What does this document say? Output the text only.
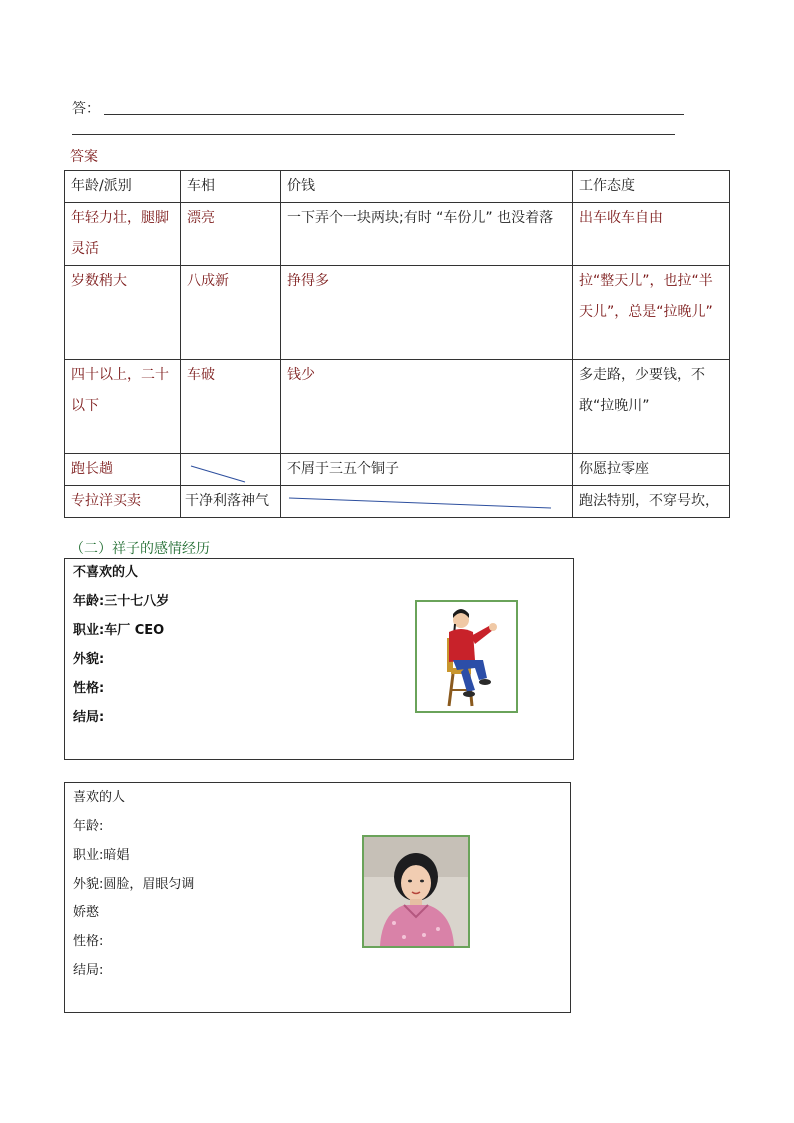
答：
答案
年龄/派别	车相	价钱	工作态度
年轻力壮，腿脚灵活	漂亮	一下弄个一块两块;有时 “车份儿” 也没着落	出车收车自由
岁数稍大	八成新	挣得多	拉“整天儿”，也拉“半天儿”，总是“拉晚儿”
四十以上，二十以下	车破	钱少	多走路，少要钱，不敢“拉晚川”
跑长趟		不屑于三五个铜子	你愿拉零座
专拉洋买卖	干净利落神气		跑法特别，不穿号坎，
（二）祥子的感情经历
不喜欢的人
年龄:三十七八岁
职业:车厂 CEO
外貌:
性格:
结局:
喜欢的人
年龄:
职业:暗娼
外貌:圆脸，眉眼匀调
娇憨
性格:
结局:
